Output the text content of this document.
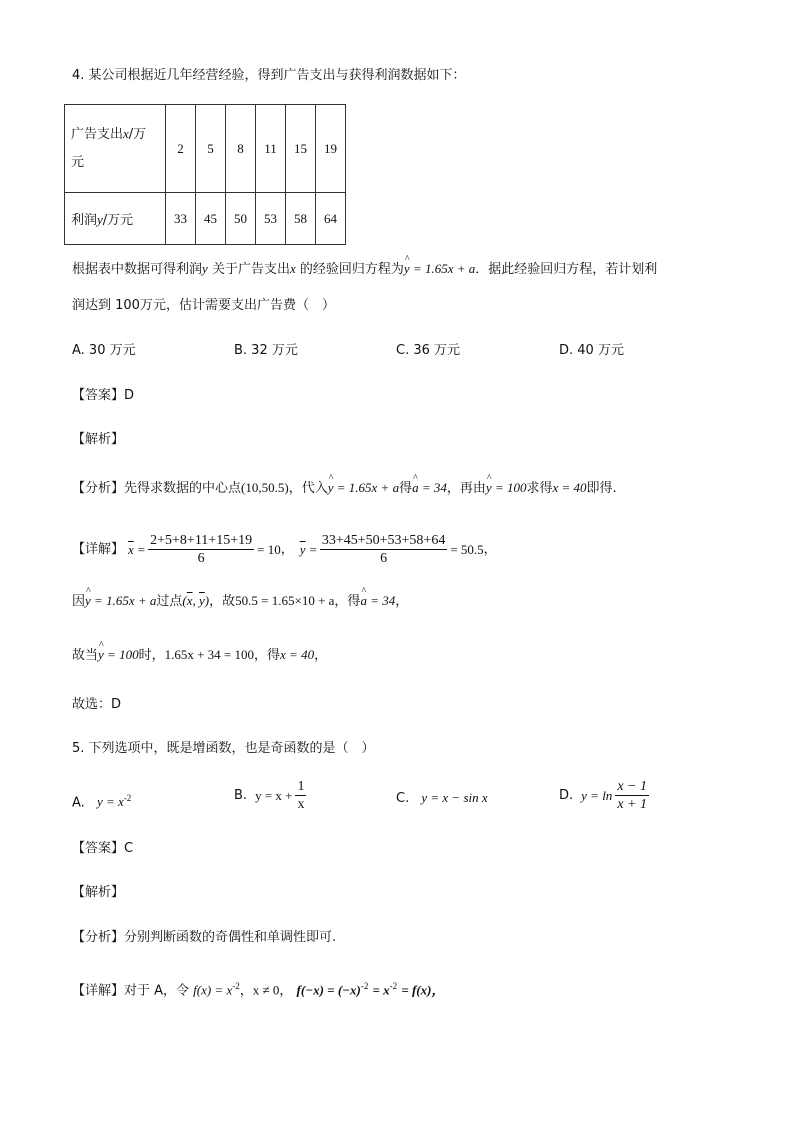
4. 某公司根据近几年经营经验，得到广告支出与获得利润数据如下：
广告支出x/万
元	2	5	8	11	15	19
利润y/万元	33	45	50	53	58	64
根据表中数据可得利润y 关于广告支出x 的经验回归方程为^ y = 1.65x + a．据此经验回归方程，若计划利
润达到 100万元，估计需要支出广告费（　）
A. 30 万元	B. 32 万元	C. 36 万元	D. 40 万元
【答案】D
【解析】
【分析】先得求数据的中心点(10,50.5)，代入^ y = 1.65x + a得^ a = 34，再由^ y = 100求得x = 40即得.
【详解】 $\overline{x} = \frac{2+5+8+11+15+19}{6} = 10$ ， $\overline{y} = \frac{33+45+50+53+58+64}{6} = 50.5$ ，
因^ y = 1.65x + a过点($\overline{x}$, $\overline{y}$)，故50.5 = 1.65×10 + a，得^ a = 34，
故当^ y = 100时，1.65x + 34 = 100，得x = 40，
故选：D
5. 下列选项中，既是增函数，也是奇函数的是（　）
A. $y = x^{-2}$	B. $y = x + \frac{1}{x}$	C. y = x − sin x	D. $y = \ln \frac{x - 1}{x + 1}$
【答案】C
【解析】
【分析】分别判断函数的奇偶性和单调性即可.
【详解】对于 A，令 $f(x) = x^{-2}$，x ≠ 0， $f(-x) = (-x)^{-2} = x^{-2} = f(x)$，
